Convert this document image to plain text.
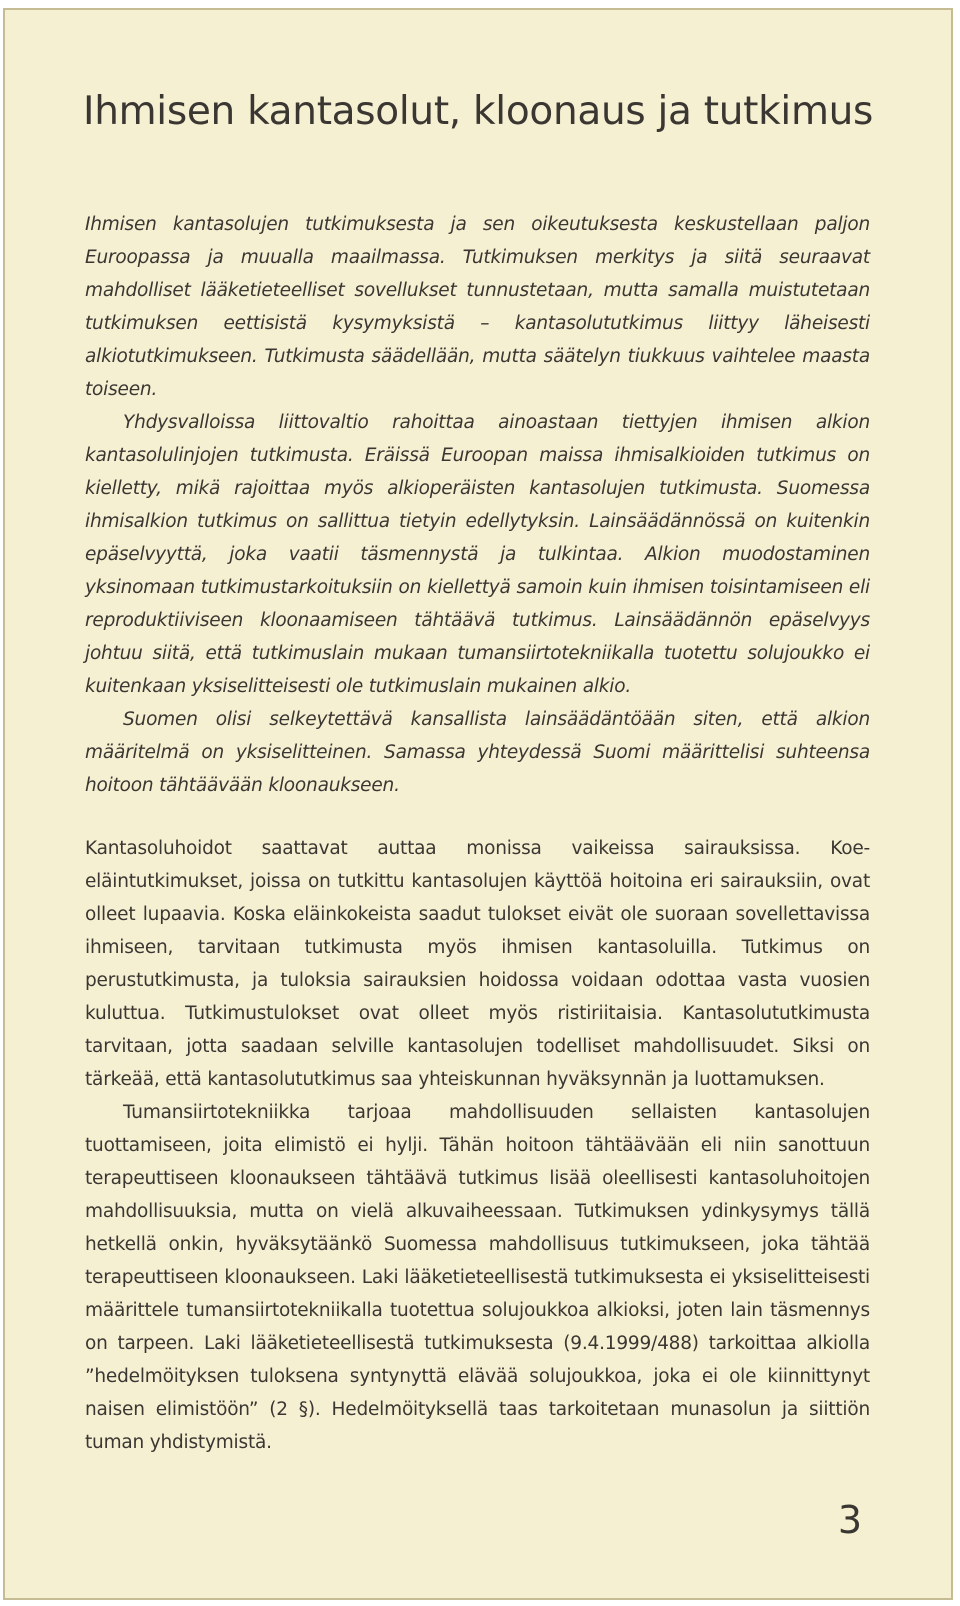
Ihmisen kantasolut, kloonaus ja tutkimus

Ihmisen kantasolujen tutkimuksesta ja sen oikeutuksesta keskustellaan paljon Euroopassa ja muualla maailmassa. Tutkimuksen merkitys ja siitä seuraavat mahdolliset lääketieteelliset sovellukset tunnustetaan, mutta samalla muistutetaan tutkimuksen eettisistä kysymyksistä – kantasolututkimus liittyy läheisesti alkiotutkimukseen. Tutkimusta säädellään, mutta säätelyn tiukkuus vaihtelee maasta toiseen.

Yhdysvalloissa liittovaltio rahoittaa ainoastaan tiettyjen ihmisen alkion kantasolulinjojen tutkimusta. Eräissä Euroopan maissa ihmisalkioiden tutkimus on kielletty, mikä rajoittaa myös alkioperäisten kantasolujen tutkimusta. Suomessa ihmisalkion tutkimus on sallittua tietyin edellytyksin. Lainsäädännössä on kuitenkin epäselvyyttä, joka vaatii täsmennystä ja tulkintaa. Alkion muodostaminen yksinomaan tutkimustarkoituksiin on kiellettyä samoin kuin ihmisen toisintamiseen eli reproduktiiviseen kloonaamiseen tähtäävä tutkimus. Lainsäädännön epäselvyys johtuu siitä, että tutkimuslain mukaan tumansiirtotekniikalla tuotettu solujoukko ei kuitenkaan yksiselitteisesti ole tutkimuslain mukainen alkio.

Suomen olisi selkeytettävä kansallista lainsäädäntöään siten, että alkion määritelmä on yksiselitteinen. Samassa yhteydessä Suomi määrittelisi suhteensa hoitoon tähtäävään kloonaukseen.

Kantasoluhoidot saattavat auttaa monissa vaikeissa sairauksissa. Koe-eläintutkimukset, joissa on tutkittu kantasolujen käyttöä hoitoina eri sairauksiin, ovat olleet lupaavia. Koska eläinkokeista saadut tulokset eivät ole suoraan sovellettavissa ihmiseen, tarvitaan tutkimusta myös ihmisen kantasoluilla. Tutkimus on perustutkimusta, ja tuloksia sairauksien hoidossa voidaan odottaa vasta vuosien kuluttua. Tutkimustulokset ovat olleet myös ristiriitaisia. Kantasolututkimusta tarvitaan, jotta saadaan selville kantasolujen todelliset mahdollisuudet. Siksi on tärkeää, että kantasolututkimus saa yhteiskunnan hyväksynnän ja luottamuksen.

Tumansiirtotekniikka tarjoaa mahdollisuuden sellaisten kantasolujen tuottamiseen, joita elimistö ei hylji. Tähän hoitoon tähtäävään eli niin sanottuun terapeuttiseen kloonaukseen tähtäävä tutkimus lisää oleellisesti kantasoluhoitojen mahdollisuuksia, mutta on vielä alkuvaiheessaan. Tutkimuksen ydinkysymys tällä hetkellä onkin, hyväksytäänkö Suomessa mahdollisuus tutkimukseen, joka tähtää terapeuttiseen kloonaukseen. Laki lääketieteellisestä tutkimuksesta ei yksiselitteisesti määrittele tumansiirtotekniikalla tuotettua solujoukkoa alkioksi, joten lain täsmennys on tarpeen. Laki lääketieteellisestä tutkimuksesta (9.4.1999/488) tarkoittaa alkiolla ”hedelmöityksen tuloksena syntynyttä elävää solujoukkoa, joka ei ole kiinnittynyt naisen elimistöön” (2 §). Hedelmöityksellä taas tarkoitetaan munasolun ja siittiön tuman yhdistymistä.

3
